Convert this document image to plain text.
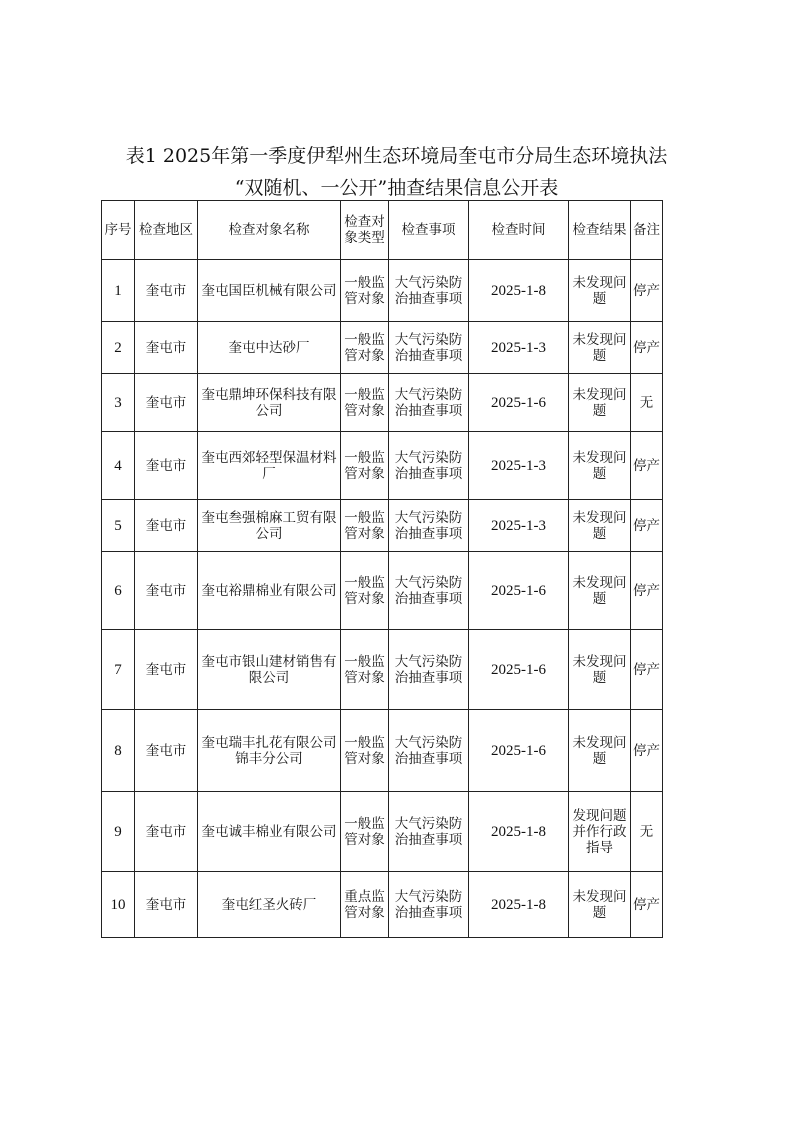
表1 2025年第一季度伊犁州生态环境局奎屯市分局生态环境执法
“双随机、一公开”抽查结果信息公开表
序号	检查地区	检查对象名称	检查对象类型	检查事项	检查时间	检查结果	备注
1	奎屯市	奎屯国臣机械有限公司	一般监管对象	大气污染防治抽查事项	2025-1-8	未发现问题	停产
2	奎屯市	奎屯中达砂厂	一般监管对象	大气污染防治抽查事项	2025-1-3	未发现问题	停产
3	奎屯市	奎屯鼎坤环保科技有限公司	一般监管对象	大气污染防治抽查事项	2025-1-6	未发现问题	无
4	奎屯市	奎屯西郊轻型保温材料厂	一般监管对象	大气污染防治抽查事项	2025-1-3	未发现问题	停产
5	奎屯市	奎屯叁强棉麻工贸有限公司	一般监管对象	大气污染防治抽查事项	2025-1-3	未发现问题	停产
6	奎屯市	奎屯裕鼎棉业有限公司	一般监管对象	大气污染防治抽查事项	2025-1-6	未发现问题	停产
7	奎屯市	奎屯市银山建材销售有限公司	一般监管对象	大气污染防治抽查事项	2025-1-6	未发现问题	停产
8	奎屯市	奎屯瑞丰扎花有限公司锦丰分公司	一般监管对象	大气污染防治抽查事项	2025-1-6	未发现问题	停产
9	奎屯市	奎屯诚丰棉业有限公司	一般监管对象	大气污染防治抽查事项	2025-1-8	发现问题并作行政指导	无
10	奎屯市	奎屯红圣火砖厂	重点监管对象	大气污染防治抽查事项	2025-1-8	未发现问题	停产
